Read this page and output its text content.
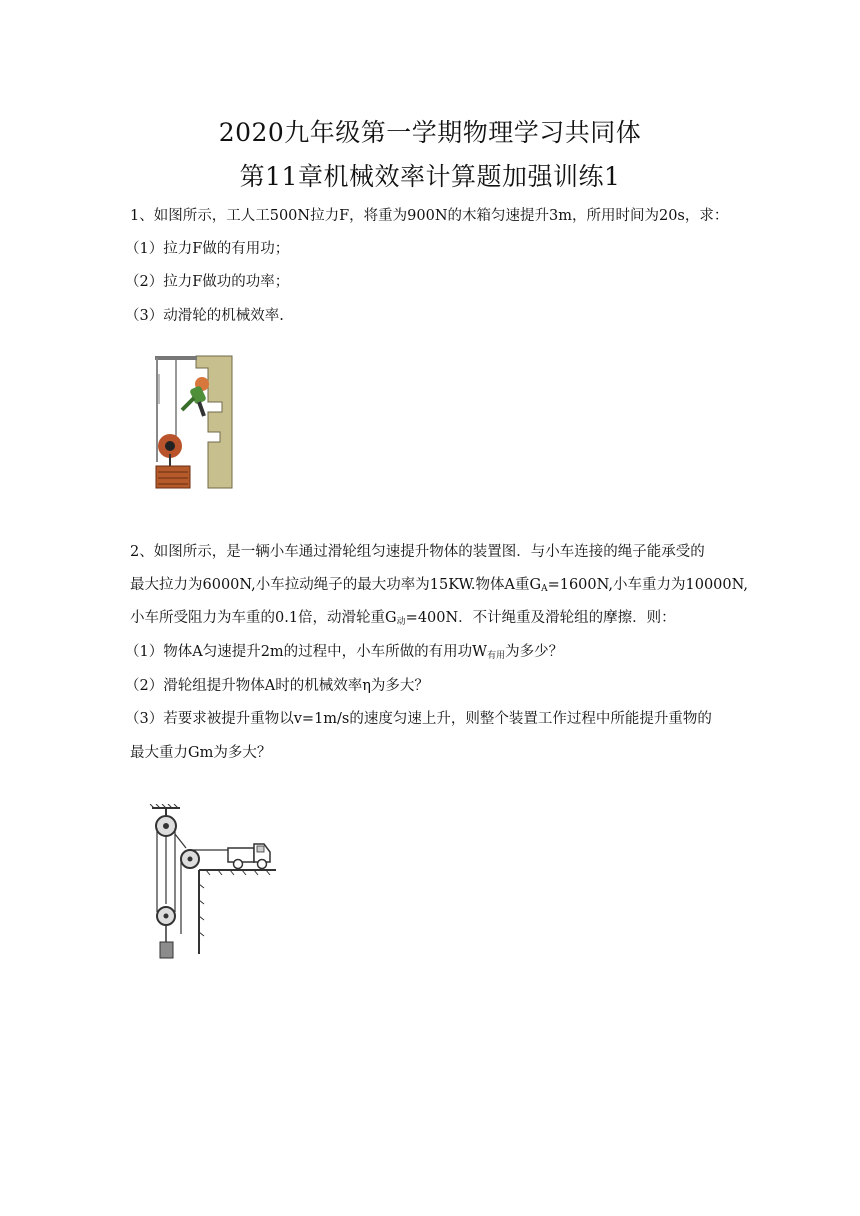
2020九年级第一学期物理学习共同体
第11章机械效率计算题加强训练1
1、如图所示，工人工500N拉力F，将重为900N的木箱匀速提升3m，所用时间为20s，求：
（1）拉力F做的有用功；
（2）拉力F做功的功率；
（3）动滑轮的机械效率.
2、如图所示，是一辆小车通过滑轮组匀速提升物体的装置图．与小车连接的绳子能承受的
最大拉力为6000N,小车拉动绳子的最大功率为15KW.物体A重$G_A=1600N$,小车重力为10000N,
小车所受阻力为车重的0.1倍，动滑轮重$G_动=400N$．不计绳重及滑轮组的摩擦．则：
（1）物体A匀速提升2m的过程中，小车所做的有用功$W_{有用}$为多少？
（2）滑轮组提升物体A时的机械效率η为多大？
（3）若要求被提升重物以v=1m/s的速度匀速上升，则整个装置工作过程中所能提升重物的
最大重力Gm为多大？
